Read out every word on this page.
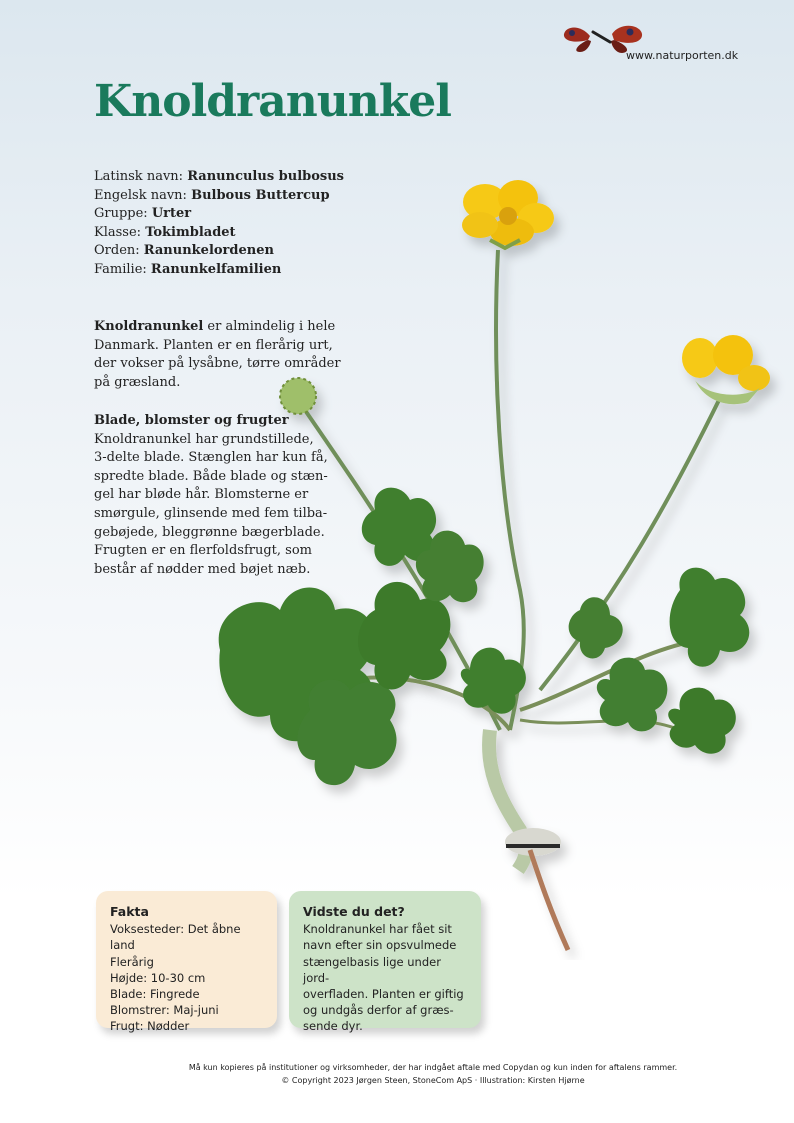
www.naturporten.dk
Knoldranunkel
Latinsk navn: Ranunculus bulbosus
Engelsk navn: Bulbous Buttercup
Gruppe: Urter
Klasse: Tokimbladet
Orden: Ranunkelordenen
Familie: Ranunkelfamilien
Knoldranunkel er almindelig i hele Danmark. Planten er en flerårig urt, der vokser på lysåbne, tørre områder på græsland.
Blade, blomster og frugter
Knoldranunkel har grundstillede,
3-delte blade. Stænglen har kun få,
spredte blade. Både blade og stæn-
gel har bløde hår. Blomsterne er
smørgule, glinsende med fem tilba-
gebøjede, bleggrønne bægerblade.
Frugten er en flerfoldsfrugt, som
består af nødder med bøjet næb.
Fakta
Voksesteder: Det åbne land
Flerårig
Højde: 10-30 cm
Blade: Fingrede
Blomstrer: Maj-juni
Frugt: Nødder
Vidste du det?
Knoldranunkel har fået sit
navn efter sin opsvulmede
stængelbasis lige under jord-
overfladen. Planten er giftig
og undgås derfor af græs-
sende dyr.
Må kun kopieres på institutioner og virksomheder, der har indgået aftale med Copydan og kun inden for aftalens rammer.
© Copyright 2023 Jørgen Steen, StoneCom ApS · Illustration: Kirsten Hjørne
